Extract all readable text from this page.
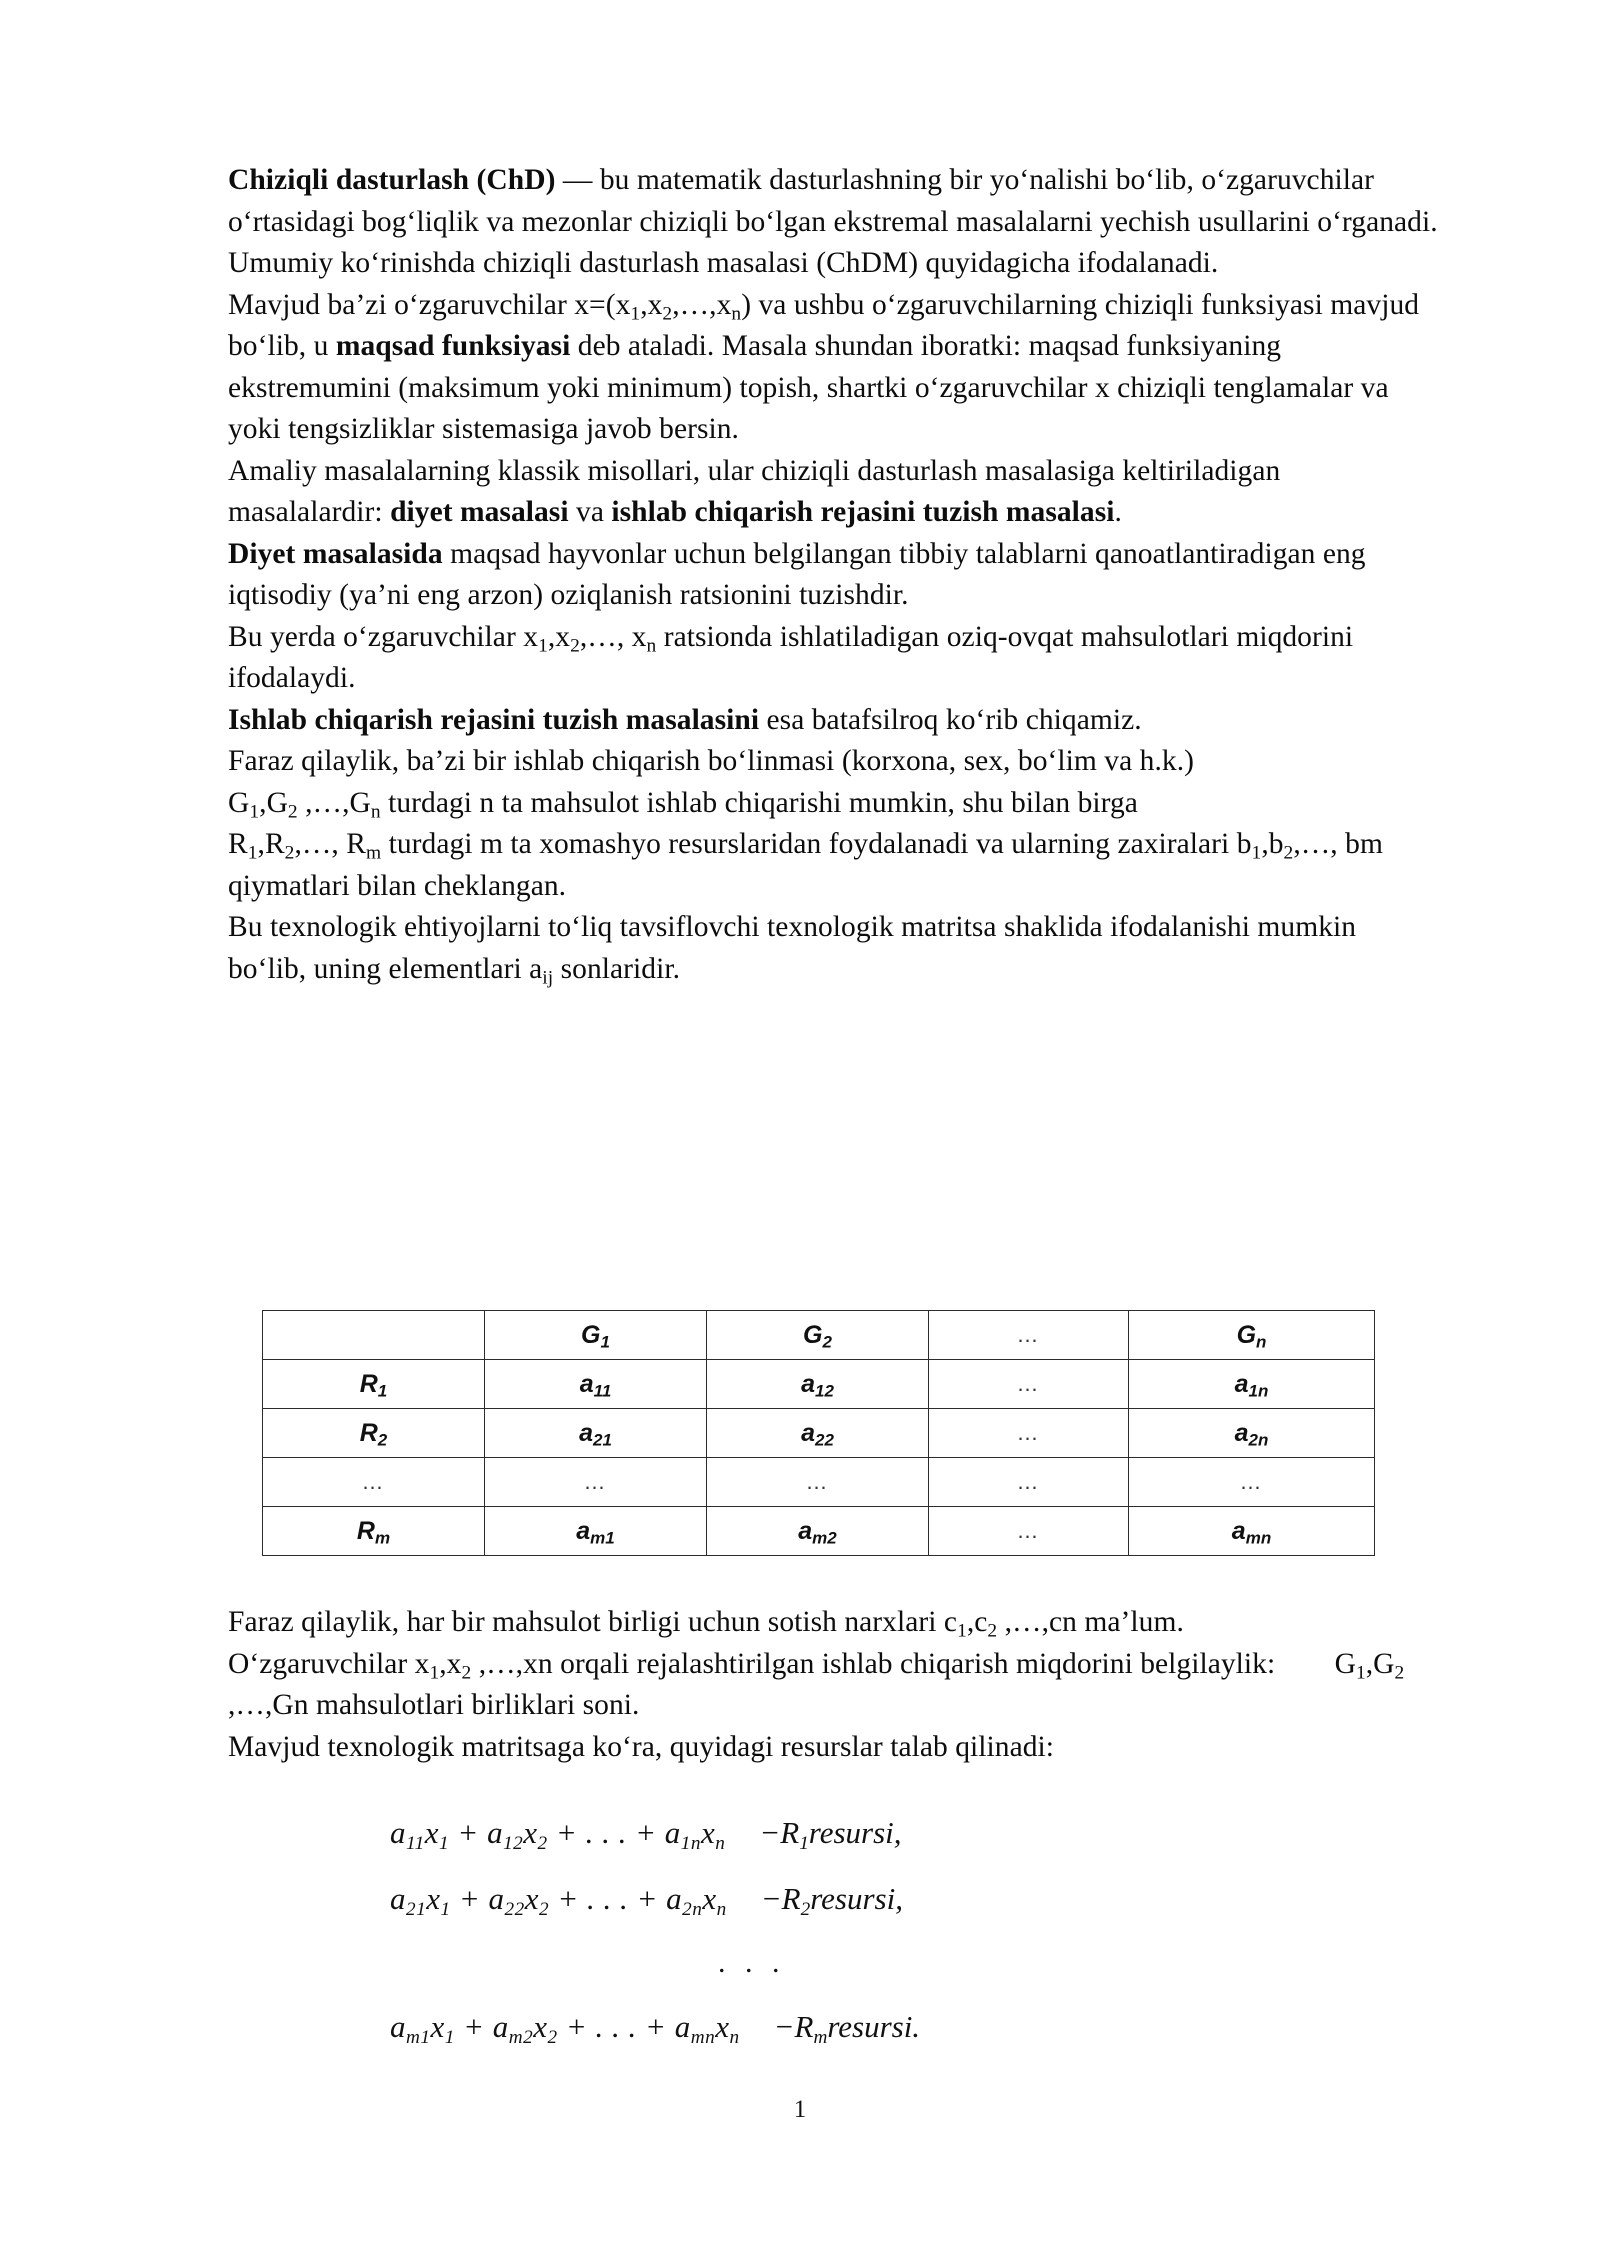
Chiziqli dasturlash (ChD) — bu matematik dasturlashning bir yo‘nalishi bo‘lib, o‘zgaruvchilar o‘rtasidagi bog‘liqlik va mezonlar chiziqli bo‘lgan ekstremal masalalarni yechish usullarini o‘rganadi.

Umumiy ko‘rinishda chiziqli dasturlash masalasi (ChDM) quyidagicha ifodalanadi.

Mavjud ba’zi o‘zgaruvchilar $x=(x_1,x_2,\dots,x_n)$ va ushbu o‘zgaruvchilarning chiziqli funksiyasi mavjud bo‘lib, u maqsad funksiyasi deb ataladi. Masala shundan iboratki: maqsad funksiyaning ekstremumini (maksimum yoki minimum) topish, shartki o‘zgaruvchilar x chiziqli tenglamalar va yoki tengsizliklar sistemasiga javob bersin.

Amaliy masalalarning klassik misollari, ular chiziqli dasturlash masalasiga keltiriladigan masalalardir: diyet masalasi va ishlab chiqarish rejasini tuzish masalasi.

Diyet masalasida maqsad hayvonlar uchun belgilangan tibbiy talablarni qanoatlantiradigan eng iqtisodiy (ya’ni eng arzon) oziqlanish ratsionini tuzishdir.

Bu yerda o‘zgaruvchilar $x_1,x_2,\dots$, $x_n$ ratsionda ishlatiladigan oziq-ovqat mahsulotlari miqdorini ifodalaydi.

Ishlab chiqarish rejasini tuzish masalasini esa batafsilroq ko‘rib chiqamiz.

Faraz qilaylik, ba’zi bir ishlab chiqarish bo‘linmasi (korxona, sex, bo‘lim va h.k.)

$G_1,G_2$ $,\dots,G_n$ turdagi n ta mahsulot ishlab chiqarishi mumkin, shu bilan birga

$R_1,R_2,\dots$, $R_m$ turdagi m ta xomashyo resurslaridan foydalanadi va ularning zaxiralari $b_1,b_2,\dots$, bm qiymatlari bilan cheklangan.

Bu texnologik ehtiyojlarni to‘liq tavsiflovchi texnologik matritsa shaklida ifodalanishi mumkin bo‘lib, uning elementlari $a_{ij}$ sonlaridir.

	$G_1$	$G_2$	…	$G_n$
$R_1$	$a_{11}$	$a_{12}$	…	$a_{1n}$
$R_2$	$a_{21}$	$a_{22}$	…	$a_{2n}$
…	…	…	…	…
$R_m$	$a_{m1}$	$a_{m2}$	…	$a_{mn}$

Faraz qilaylik, har bir mahsulot birligi uchun sotish narxlari $c_1,c_2$ ,…,cn ma’lum.

O‘zgaruvchilar $x_1,x_2$ ,…,xn orqali rejalashtirilgan ishlab chiqarish miqdorini belgilaylik: $G_1,G_2$ ,…,Gn mahsulotlari birliklari soni.

Mavjud texnologik matritsaga ko‘ra, quyidagi resurslar talab qilinadi:

$a_{11}x_1 + a_{12}x_2$ + . . . + $a_{1n}x_n$ $-R_1resursi$,
$a_{21}x_1 + a_{22}x_2$ + . . . + $a_{2n}x_n$ $-R_2resursi$,
. . .
$a_{m1}x_1 + a_{m2}x_2$ + . . . + $a_{mn}x_n$ $-R_mresursi$.
1
